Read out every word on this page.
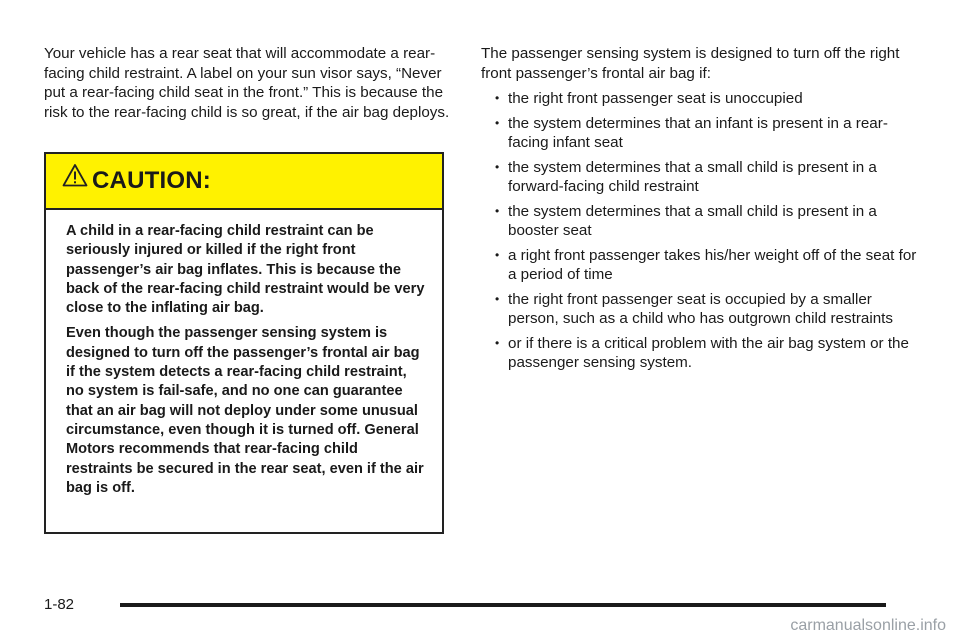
Your vehicle has a rear seat that will accommodate a rear-facing child restraint. A label on your sun visor says, “Never put a rear-facing child seat in the front.” This is because the risk to the rear-facing child is so great, if the air bag deploys.

CAUTION:

A child in a rear-facing child restraint can be seriously injured or killed if the right front passenger’s air bag inflates. This is because the back of the rear-facing child restraint would be very close to the inflating air bag.

Even though the passenger sensing system is designed to turn off the passenger’s frontal air bag if the system detects a rear-facing child restraint, no system is fail-safe, and no one can guarantee that an air bag will not deploy under some unusual circumstance, even though it is turned off. General Motors recommends that rear-facing child restraints be secured in the rear seat, even if the air bag is off.

The passenger sensing system is designed to turn off the right front passenger’s frontal air bag if:

• the right front passenger seat is unoccupied
• the system determines that an infant is present in a rear-facing infant seat
• the system determines that a small child is present in a forward-facing child restraint
• the system determines that a small child is present in a booster seat
• a right front passenger takes his/her weight off of the seat for a period of time
• the right front passenger seat is occupied by a smaller person, such as a child who has outgrown child restraints
• or if there is a critical problem with the air bag system or the passenger sensing system.
1-82
carmanualsonline.info
